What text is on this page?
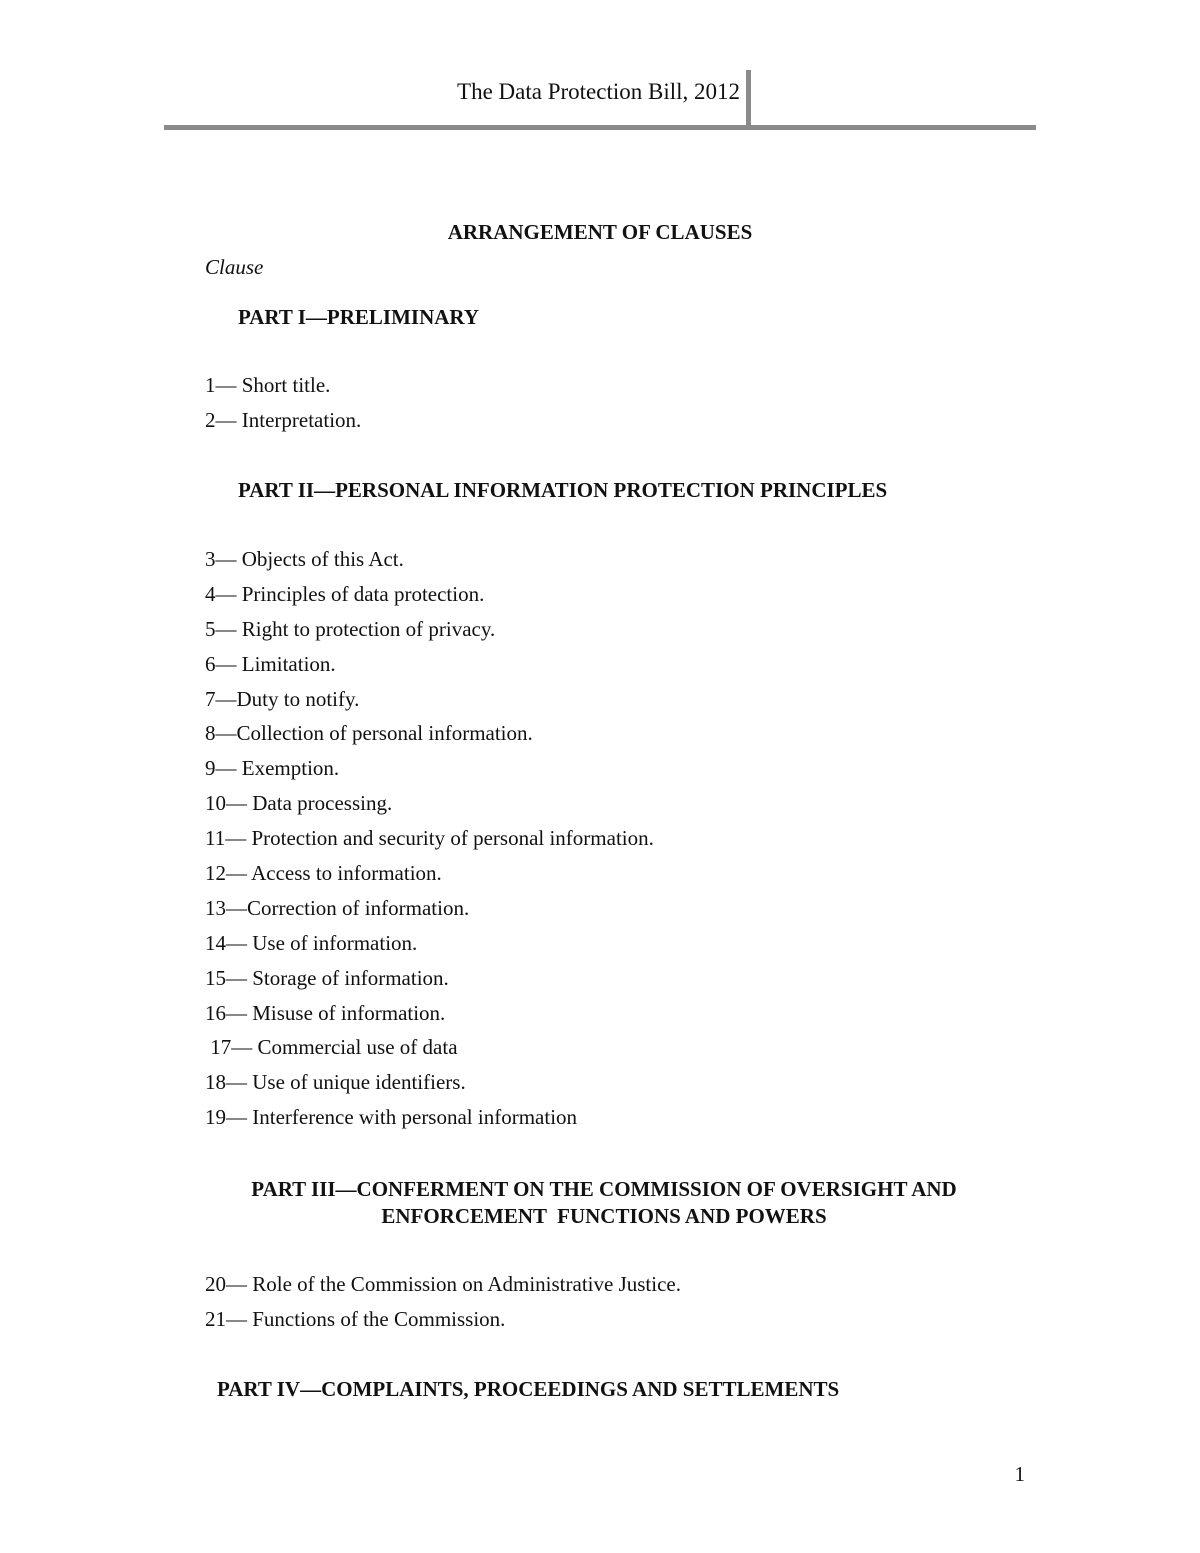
The Data Protection Bill, 2012
ARRANGEMENT OF CLAUSES
Clause
PART I—PRELIMINARY
1— Short title.
2— Interpretation.
PART II—PERSONAL INFORMATION PROTECTION PRINCIPLES
3— Objects of this Act.
4— Principles of data protection.
5— Right to protection of privacy.
6— Limitation.
7—Duty to notify.
8—Collection of personal information.
9— Exemption.
10— Data processing.
11— Protection and security of personal information.
12— Access to information.
13—Correction of information.
14— Use of information.
15— Storage of information.
16— Misuse of information.
17— Commercial use of data
18— Use of unique identifiers.
19— Interference with personal information
PART III—CONFERMENT ON THE COMMISSION OF OVERSIGHT AND
ENFORCEMENT  FUNCTIONS AND POWERS
20— Role of the Commission on Administrative Justice.
21— Functions of the Commission.
PART IV—COMPLAINTS, PROCEEDINGS AND SETTLEMENTS
1
